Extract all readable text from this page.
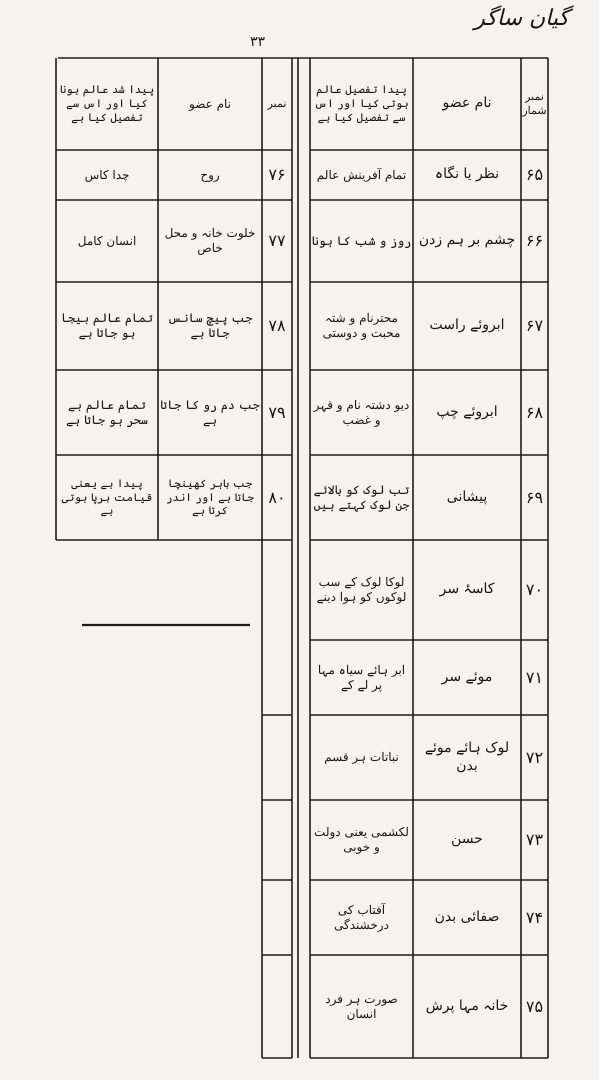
گیان ساگر
۳۳
نمبر شمار
نام عضو
پیدا تفصیل عالم ہوتی کیا اور اس سے تفصیل کیا ہے
نمبر
نام عضو
پیدا شد عالم ہونا کیا اور اس سے تفصیل کیا ہے
۶۵
نظر یا نگاہ
تمام آفرینش عالم
۶۶
چشم بر ہم زدن
روز و شب کا ہونا
۶۷
ابروئے راست
محترنام و شتہ محبت و دوستی
۶۸
ابروئے چپ
دیو دشتہ نام و قہر و غضب
۶۹
پیشانی
تب لوک کو بالائے جن لوک کہتے ہیں
۷۰
کاسۂ سر
لوکا لوک کے سب لوکوں کو ہوا دینے
۷۱
موئے سر
ابر ہائے سیاہ مہا پر لے کے
۷۲
لوک ہائے موئے بدن
نباتات ہر قسم
۷۳
حسن
لکشمی یعنی دولت و خوبی
۷۴
صفائی بدن
آفتاب کی درخشندگی
۷۵
خانہ مہا پرش
صورت ہر فرد انسان
۷۶
روح
چدا کاس
۷۷
خلوت خانہ و محل خاص
انسان کامل
۷۸
جب پیچ سانس جاتا ہے
تمام عالم بیجا ہو جاتا ہے
۷۹
جب دم رو کا جاتا ہے
تمام عالم بے سحر ہو جاتا ہے
۸۰
جب باہر کھینچا جاتا ہے اور اندر کرتا ہے
پیدا ہے یعنی قیامت برپا ہوتی ہے
